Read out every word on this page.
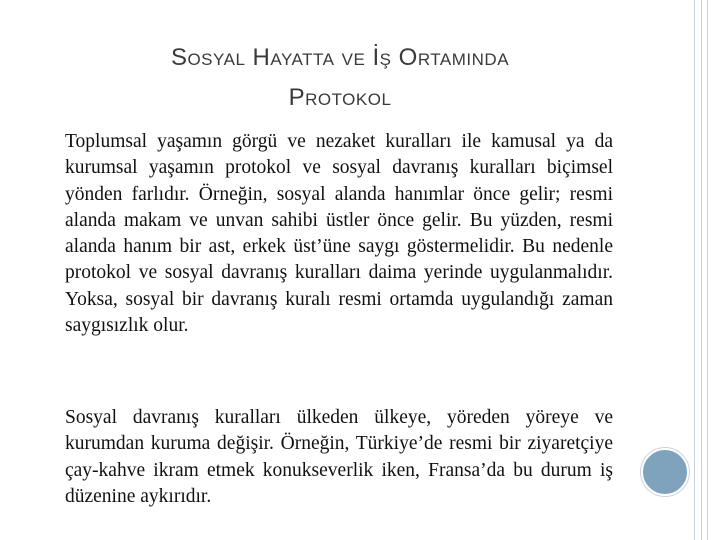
Sosyal Hayatta ve İş Ortamında
Protokol
Toplumsal yaşamın görgü ve nezaket kuralları ile kamusal ya da kurumsal yaşamın protokol ve sosyal davranış kuralları biçimsel yönden farlıdır. Örneğin, sosyal alanda hanımlar önce gelir; resmi alanda makam ve unvan sahibi üstler önce gelir. Bu yüzden, resmi alanda hanım bir ast, erkek üst’üne saygı göstermelidir. Bu nedenle protokol ve sosyal davranış kuralları daima yerinde uygulanmalıdır. Yoksa, sosyal bir davranış kuralı resmi ortamda uygulandığı zaman saygısızlık olur.
Sosyal davranış kuralları ülkeden ülkeye, yöreden yöreye ve kurumdan kuruma değişir. Örneğin, Türkiye’de resmi bir ziyaretçiye çay-kahve ikram etmek konukseverlik iken, Fransa’da bu durum iş düzenine aykırıdır.
